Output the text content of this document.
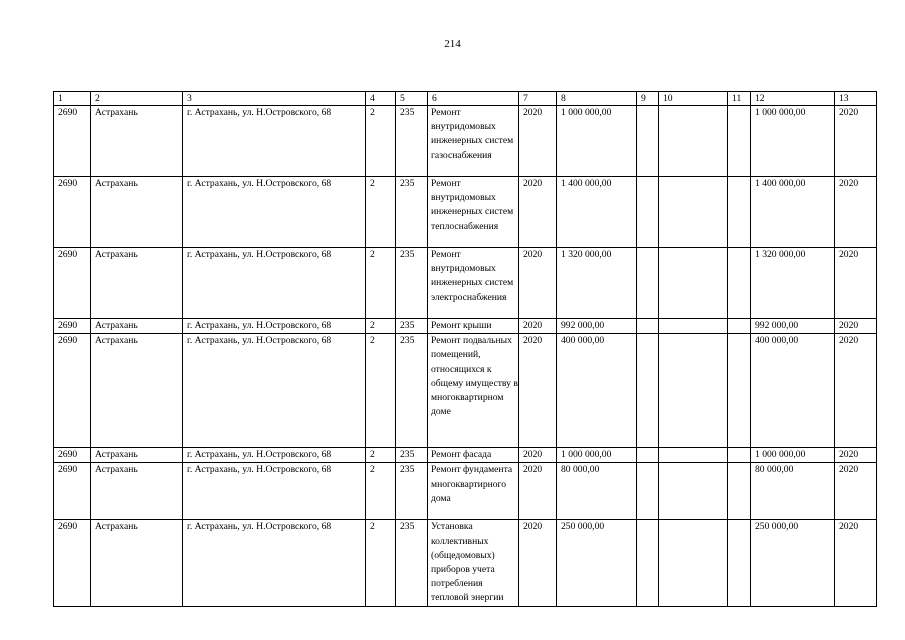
214
1	2	3	4	5	6	7	8	9	10	11	12	13
2690	Астрахань	г. Астрахань, ул. Н.Островского, 68	2	235	Ремонт внутридомовых инженерных систем газоснабжения	2020	1 000 000,00				1 000 000,00	2020
2690	Астрахань	г. Астрахань, ул. Н.Островского, 68	2	235	Ремонт внутридомовых инженерных систем теплоснабжения	2020	1 400 000,00				1 400 000,00	2020
2690	Астрахань	г. Астрахань, ул. Н.Островского, 68	2	235	Ремонт внутридомовых инженерных систем электроснабжения	2020	1 320 000,00				1 320 000,00	2020
2690	Астрахань	г. Астрахань, ул. Н.Островского, 68	2	235	Ремонт крыши	2020	992 000,00				992 000,00	2020
2690	Астрахань	г. Астрахань, ул. Н.Островского, 68	2	235	Ремонт подвальных помещений, относящихся к общему имуществу в многоквартирном доме	2020	400 000,00				400 000,00	2020
2690	Астрахань	г. Астрахань, ул. Н.Островского, 68	2	235	Ремонт фасада	2020	1 000 000,00				1 000 000,00	2020
2690	Астрахань	г. Астрахань, ул. Н.Островского, 68	2	235	Ремонт фундамента многоквартирного дома	2020	80 000,00				80 000,00	2020
2690	Астрахань	г. Астрахань, ул. Н.Островского, 68	2	235	Установка коллективных (общедомовых) приборов учета потребления тепловой энергии	2020	250 000,00				250 000,00	2020
